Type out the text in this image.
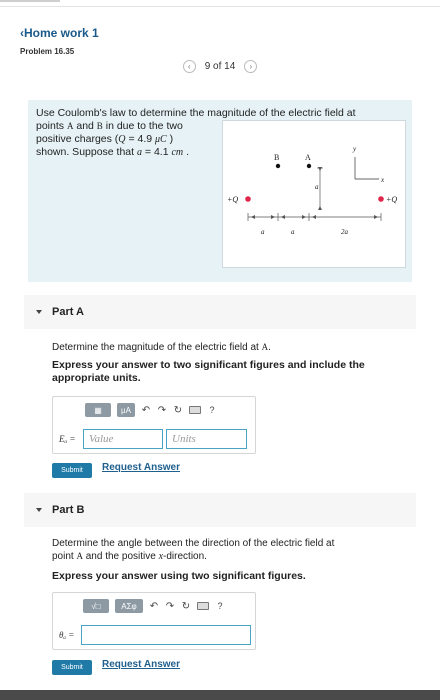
‹Home work 1
Problem 16.35
‹ 9 of 14 ›
Use Coulomb's law to determine the magnitude of the electric field at
points A and B in due to the two
positive charges (Q = 4.9 μC )
shown. Suppose that a = 4.1 cm .	B	A
a
y
x
+Q	+Q
a	a	2a
Part A
Determine the magnitude of the electric field at A.
Express your answer to two significant figures and include the appropriate units.
▦ μA ↶ ↷ ↻	?
Eₐ =	Value	Units
Submit	Request Answer
Part B
Determine the angle between the direction of the electric field at
point A and the positive x-direction.
Express your answer using two significant figures.
√□	ΑΣφ ↶ ↷ ↻	?
θₐ =
Submit	Request Answer
